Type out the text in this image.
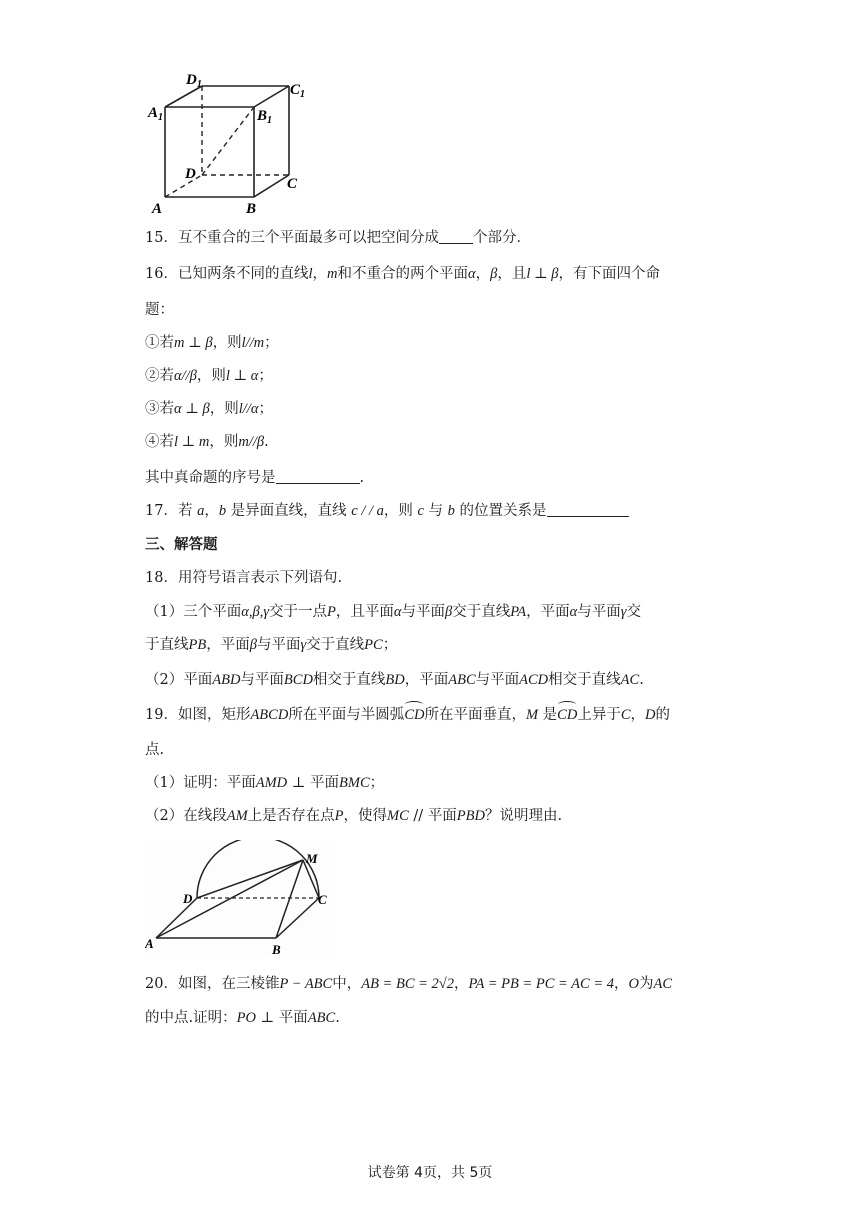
$D_1$	$C_1$
$A_1$	$B_1$
D
C
A	B
15．互不重合的三个平面最多可以把空间分成 个部分．
16．已知两条不同的直线l，m和不重合的两个平面α，β，且l ⊥ β，有下面四个命
题：
①若m ⊥ β，则l//m；
②若α//β，则l ⊥ α；
③若α ⊥ β，则l//α；
④若l ⊥ m，则m//β.
其中真命题的序号是	.
17．若 a，b 是异面直线，直线 c / / a，则 c 与 b 的位置关系是
三、解答题
18．用符号语言表示下列语句.
（1）三个平面α,β,γ交于一点P，且平面α与平面β交于直线PA，平面α与平面γ交
于直线PB，平面β与平面γ交于直线PC；
（2）平面ABD与平面BCD相交于直线BD，平面ABC与平面ACD相交于直线AC.
19．如图，矩形ABCD所在平面与半圆弧CD所在平面垂直，M 是CD上异于C，D的
点.
（1）证明：平面AMD ⊥ 平面BMC；
（2）在线段AM上是否存在点P，使得MC // 平面PBD？说明理由.
M
D	C
A	B
20．如图，在三棱锥P − ABC中，AB = BC = 2√2，PA = PB = PC = AC = 4，O为AC
的中点.证明：PO ⊥ 平面ABC.
试卷第 4页，共 5页
